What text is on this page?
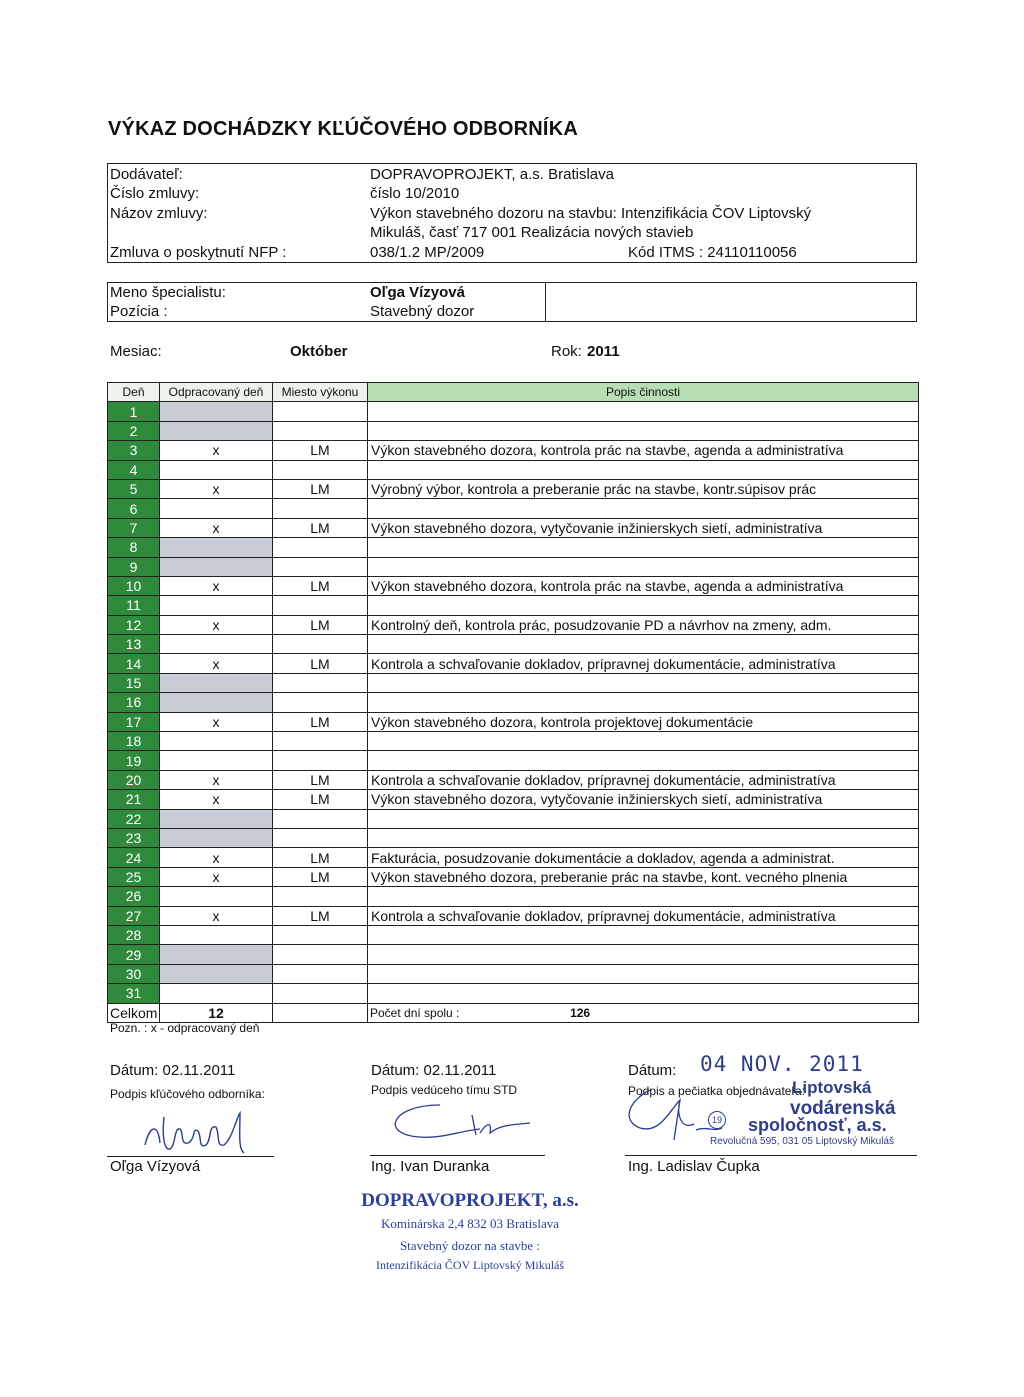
VÝKAZ DOCHÁDZKY KĽÚČOVÉHO ODBORNÍKA
Dodávateľ:	DOPRAVOPROJEKT, a.s. Bratislava
Číslo zmluvy:	číslo 10/2010
Názov zmluvy:	Výkon stavebného dozoru na stavbu: Intenzifikácia ČOV Liptovský
Mikuláš, časť 717 001 Realizácia nových stavieb
Zmluva o poskytnutí NFP :	038/1.2 MP/2009	Kód ITMS : 24110110056
Meno špecialistu:	Oľga Vízyová
Pozícia :	Stavebný dozor
Mesiac:	Október	Rok: 2011
Deň	Odpracovaný deň	Miesto výkonu	Popis činnosti
1			
2			
3	x	LM	Výkon stavebného dozora, kontrola prác na stavbe, agenda a administratíva
4			
5	x	LM	Výrobný výbor, kontrola a preberanie prác na stavbe, kontr.súpisov prác
6			
7	x	LM	Výkon stavebného dozora, vytyčovanie inžinierskych sietí, administratíva
8			
9			
10	x	LM	Výkon stavebného dozora, kontrola prác na stavbe, agenda a administratíva
11			
12	x	LM	Kontrolný deň, kontrola prác, posudzovanie PD a návrhov na zmeny, adm.
13			
14	x	LM	Kontrola a schvaľovanie dokladov, prípravnej dokumentácie, administratíva
15			
16			
17	x	LM	Výkon stavebného dozora, kontrola projektovej dokumentácie
18			
19			
20	x	LM	Kontrola a schvaľovanie dokladov, prípravnej dokumentácie, administratíva
21	x	LM	Výkon stavebného dozora, vytyčovanie inžinierskych sietí, administratíva
22			
23			
24	x	LM	Fakturácia, posudzovanie dokumentácie a dokladov, agenda a administrat.
25	x	LM	Výkon stavebného dozora, preberanie prác na stavbe, kont. vecného plnenia
26			
27	x	LM	Kontrola a schvaľovanie dokladov, prípravnej dokumentácie, administratíva
28			
29			
30			
31			
Celkom	12		Počet dní spolu : 126
Pozn. : x - odpracovaný deň
Dátum: 02.11.2011
Podpis kľúčového odborníka:
Oľga Vízyová
Dátum: 02.11.2011
Podpis vedúceho tímu STD
Ing. Ivan Duranka
Dátum: 04 NOV. 2011
Podpis a pečiatka objednávateľa:
Liptovská
vodárenská
19 spoločnosť, a.s.
Revolučná 595, 031 05 Liptovský Mikuláš
Ing. Ladislav Čupka
DOPRAVOPROJEKT, a.s.
Kominárska 2,4 832 03 Bratislava
Stavebný dozor na stavbe :
Intenzifikácia ČOV Liptovský Mikuláš
